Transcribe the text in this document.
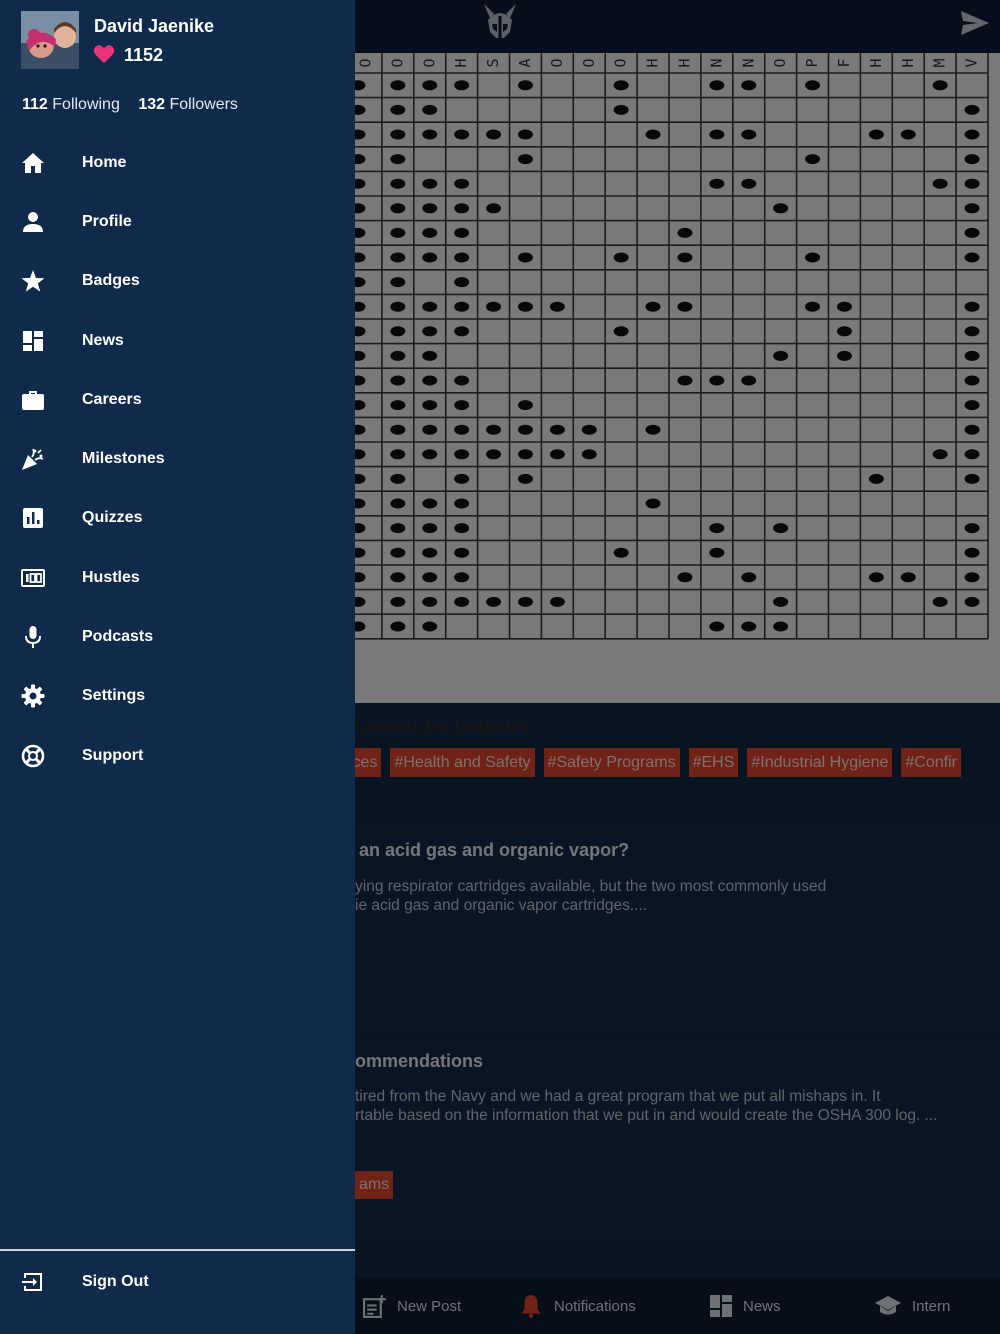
David Jaenike
1152
112 Following 132 Followers
Home
Profile
Badges
News
Careers
Milestones
Quizzes
Hustles
Podcasts
Settings
Support
Sign Out
